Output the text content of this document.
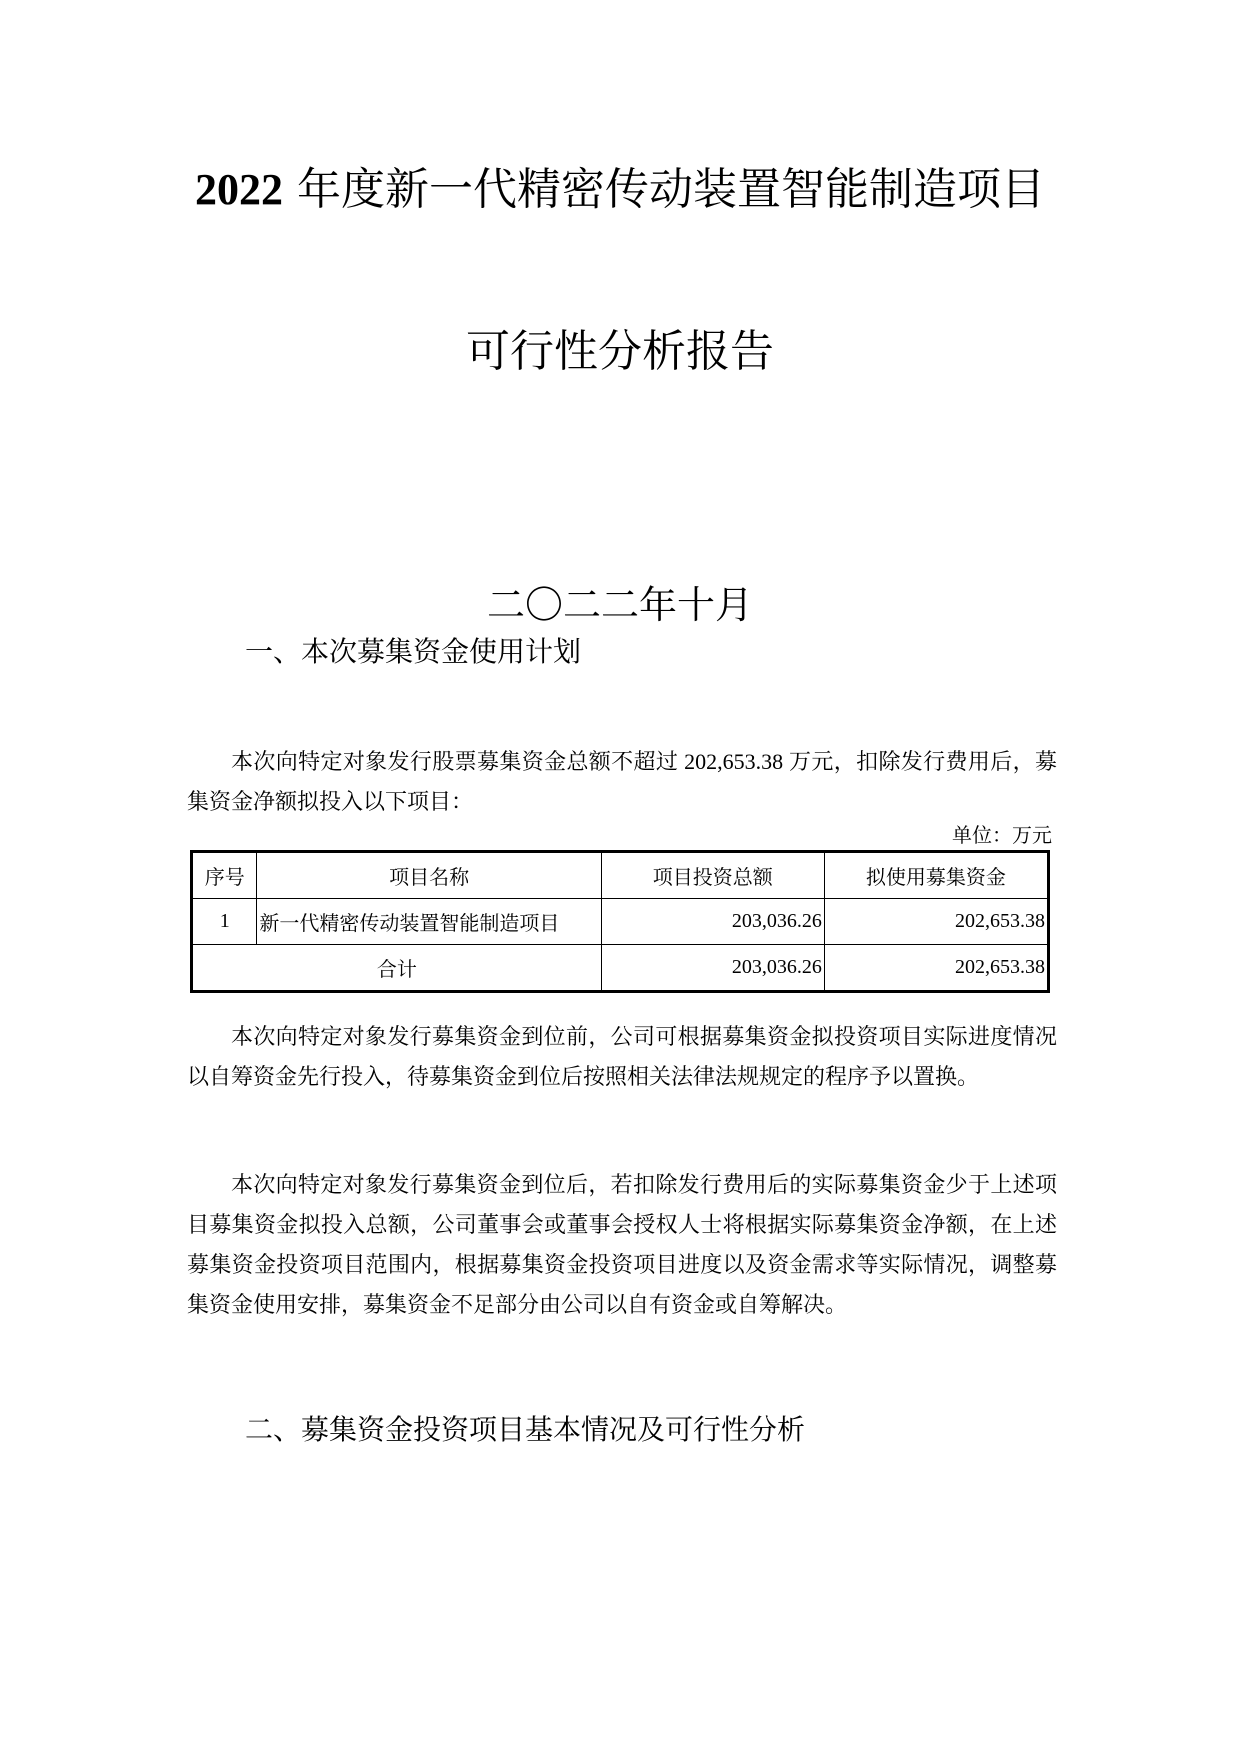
2022 年度新一代精密传动装置智能制造项目
可行性分析报告
二〇二二年十月
一、本次募集资金使用计划

本次向特定对象发行股票募集资金总额不超过 202,653.38 万元，扣除发行费用后，募集资金净额拟投入以下项目：

单位：万元
序号	项目名称	项目投资总额	拟使用募集资金
1	新一代精密传动装置智能制造项目	203,036.26	202,653.38
合计		203,036.26	202,653.38

本次向特定对象发行募集资金到位前，公司可根据募集资金拟投资项目实际进度情况以自筹资金先行投入，待募集资金到位后按照相关法律法规规定的程序予以置换。

本次向特定对象发行募集资金到位后，若扣除发行费用后的实际募集资金少于上述项目募集资金拟投入总额，公司董事会或董事会授权人士将根据实际募集资金净额，在上述募集资金投资项目范围内，根据募集资金投资项目进度以及资金需求等实际情况，调整募集资金使用安排，募集资金不足部分由公司以自有资金或自筹解决。

二、募集资金投资项目基本情况及可行性分析
